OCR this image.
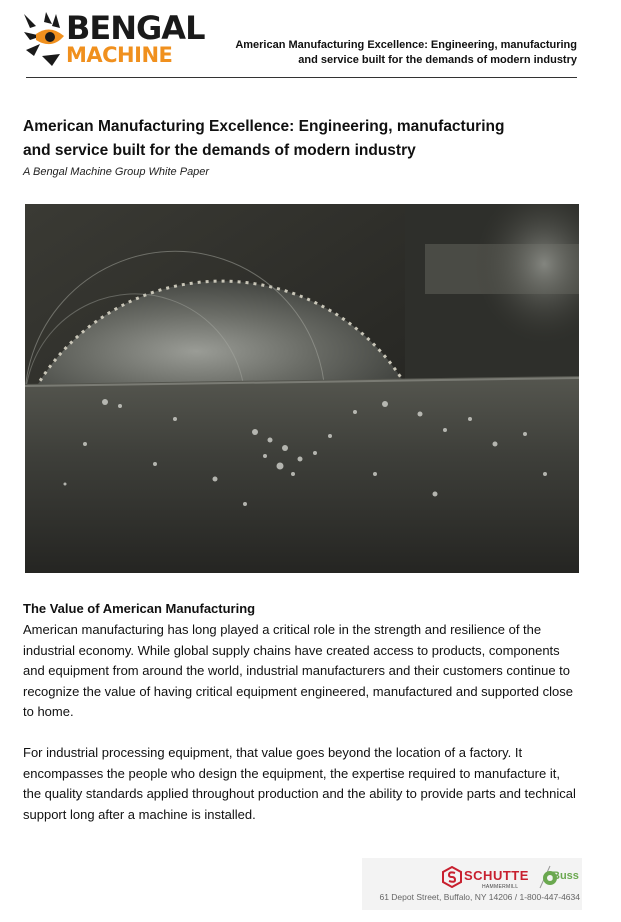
BENGAL
MACHINE	American Manufacturing Excellence: Engineering, manufacturing
and service built for the demands of modern industry
American Manufacturing Excellence: Engineering, manufacturing
and service built for the demands of modern industry
A Bengal Machine Group White Paper
The Value of American Manufacturing

American manufacturing has long played a critical role in the strength and resilience of the industrial economy. While global supply chains have created access to products, components and equipment from around the world, industrial manufacturers and their customers continue to recognize the value of having critical equipment engineered, manufactured and supported close to home.

For industrial processing equipment, that value goes beyond the location of a factory. It encompasses the people who design the equipment, the expertise required to manufacture it, the quality standards applied throughout production and the ability to provide parts and technical support long after a machine is installed.

SCHUTTE
HAMMERMILL
Buss
61 Depot Street, Buffalo, NY 14206 / 1-800-447-4634
